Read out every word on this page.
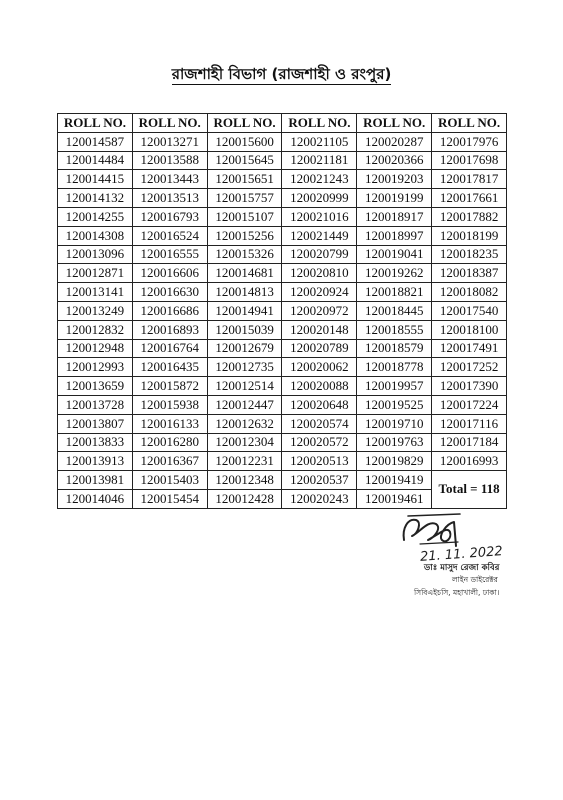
রাজশাহী বিভাগ (রাজশাহী ও রংপুর)
ROLL NO.	ROLL NO.	ROLL NO.	ROLL NO.	ROLL NO.	ROLL NO.
120014587	120013271	120015600	120021105	120020287	120017976
120014484	120013588	120015645	120021181	120020366	120017698
120014415	120013443	120015651	120021243	120019203	120017817
120014132	120013513	120015757	120020999	120019199	120017661
120014255	120016793	120015107	120021016	120018917	120017882
120014308	120016524	120015256	120021449	120018997	120018199
120013096	120016555	120015326	120020799	120019041	120018235
120012871	120016606	120014681	120020810	120019262	120018387
120013141	120016630	120014813	120020924	120018821	120018082
120013249	120016686	120014941	120020972	120018445	120017540
120012832	120016893	120015039	120020148	120018555	120018100
120012948	120016764	120012679	120020789	120018579	120017491
120012993	120016435	120012735	120020062	120018778	120017252
120013659	120015872	120012514	120020088	120019957	120017390
120013728	120015938	120012447	120020648	120019525	120017224
120013807	120016133	120012632	120020574	120019710	120017116
120013833	120016280	120012304	120020572	120019763	120017184
120013913	120016367	120012231	120020513	120019829	120016993
120013981	120015403	120012348	120020537	120019419	Total = 118
120014046	120015454	120012428	120020243	120019461	
21. 11. 2022
ডাঃ মাসুদ রেজা কবির
লাইন ডাইরেক্টর
সিবিএইচসি, মহাখালী, ঢাকা।
